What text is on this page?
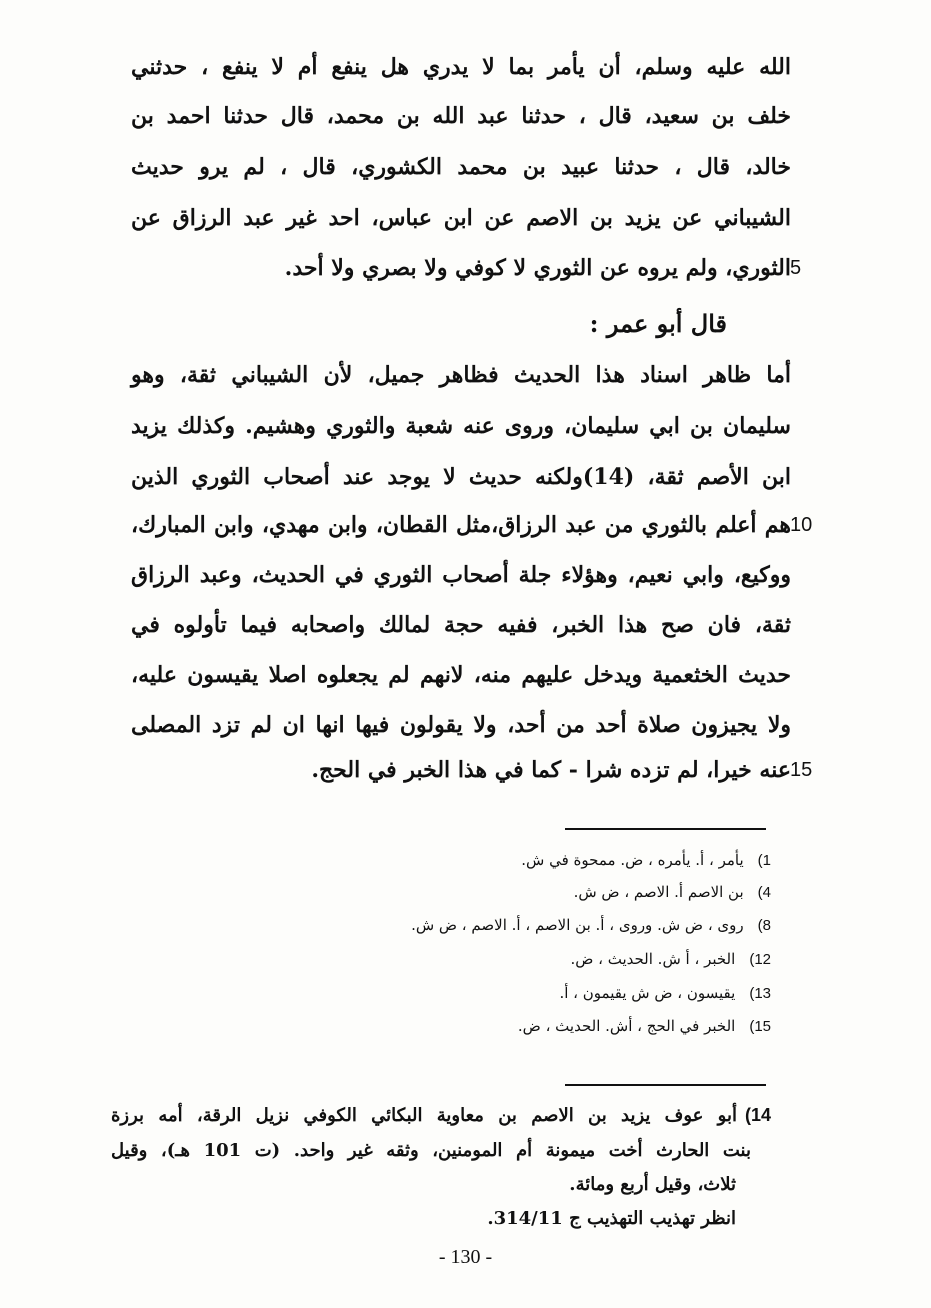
الله عليه وسلم، أن يأمر بما لا يدري هل ينفع أم لا ينفع ، حدثني
خلف بن سعيد، قال ، حدثنا عبد الله بن محمد، قال حدثنا احمد بن
خالد، قال ، حدثنا عبيد بن محمد الكشوري، قال ، لم يرو حديث
الشيباني عن يزيد بن الاصم عن ابن عباس، احد غير عبد الرزاق عن
الثوري، ولم يروه عن الثوري لا كوفي ولا بصري ولا أحد. 5
قال أبو عمر :
أما ظاهر اسناد هذا الحديث فظاهر جميل، لأن الشيباني ثقة، وهو
سليمان بن ابي سليمان، وروى عنه شعبة والثوري وهشيم. وكذلك يزيد
ابن الأصم ثقة، (14)ولكنه حديث لا يوجد عند أصحاب الثوري الذين
هم أعلم بالثوري من عبد الرزاق،مثل القطان، وابن مهدي، وابن المبارك، 10
ووكيع، وابي نعيم، وهؤلاء جلة أصحاب الثوري في الحديث، وعبد الرزاق
ثقة، فان صح هذا الخبر، ففيه حجة لمالك واصحابه فيما تأولوه في
حديث الخثعمية ويدخل عليهم منه، لانهم لم يجعلوه اصلا يقيسون عليه،
ولا يجيزون صلاة أحد من أحد، ولا يقولون فيها انها ان لم تزد المصلى
عنه خيرا، لم تزده شرا - كما في هذا الخبر في الحج. 15
1)يأمر ، أ. يأمره ، ض. ممحوة في ش.
4)بن الاصم أ. الاصم ، ض ش.
8)روى ، ض ش. وروى ، أ. بن الاصم ، أ. الاصم ، ض ش.
12)الخبر ، أ ش. الحديث ، ض.
13)يقيسون ، ض ش يقيمون ، أ.
15)الخبر في الحج ، أش. الحديث ، ض.
14)أبو عوف يزيد بن الاصم بن معاوية البكائي الكوفي نزيل الرقة، أمه برزة
بنت الحارث أخت ميمونة أم المومنين، وثقه غير واحد. (ت 101 هـ)، وقيل
ثلاث، وقيل أربع ومائة.
انظر تهذيب التهذيب ج 314/11.
- 130 -
